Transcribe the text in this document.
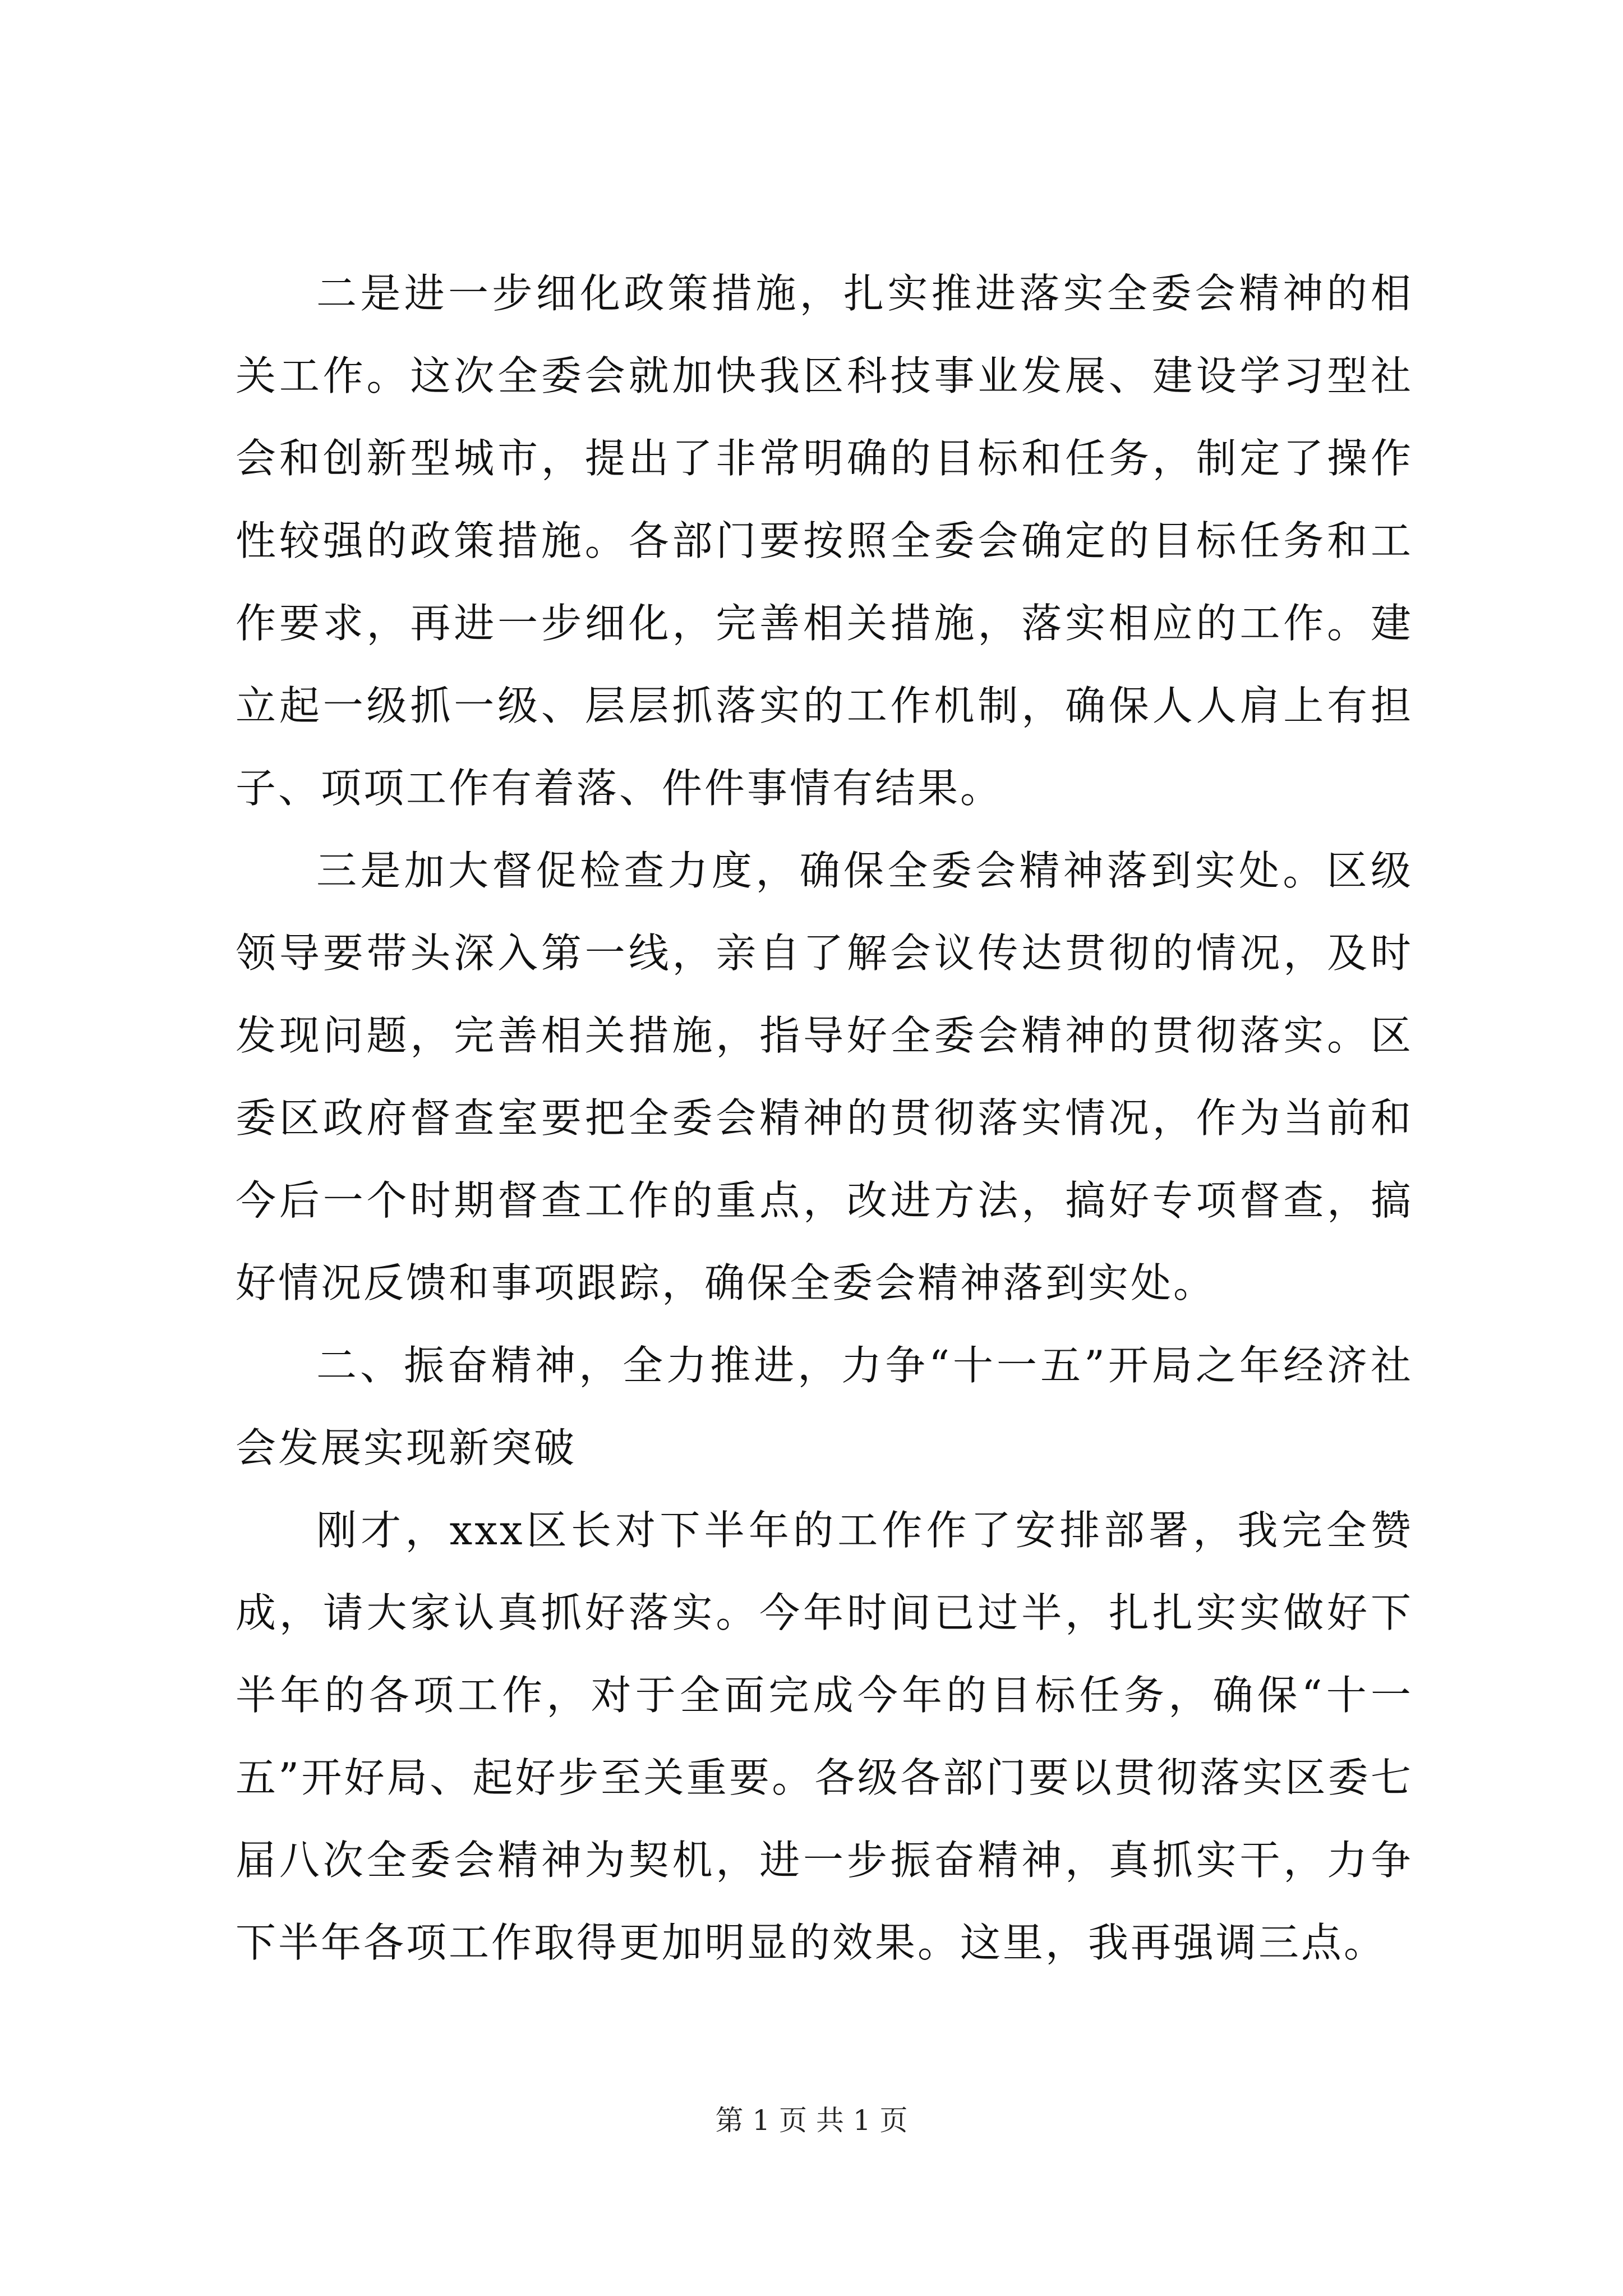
二是进一步细化政策措施，扎实推进落实全委会精神的相关工作。这次全委会就加快我区科技事业发展、建设学习型社会和创新型城市，提出了非常明确的目标和任务，制定了操作性较强的政策措施。各部门要按照全委会确定的目标任务和工作要求，再进一步细化，完善相关措施，落实相应的工作。建立起一级抓一级、层层抓落实的工作机制，确保人人肩上有担子、项项工作有着落、件件事情有结果。

三是加大督促检查力度，确保全委会精神落到实处。区级领导要带头深入第一线，亲自了解会议传达贯彻的情况，及时发现问题，完善相关措施，指导好全委会精神的贯彻落实。区委区政府督查室要把全委会精神的贯彻落实情况，作为当前和今后一个时期督查工作的重点，改进方法，搞好专项督查，搞好情况反馈和事项跟踪，确保全委会精神落到实处。

二、振奋精神，全力推进，力争“十一五”开局之年经济社会发展实现新突破

刚才，xxx区长对下半年的工作作了安排部署，我完全赞成，请大家认真抓好落实。今年时间已过半，扎扎实实做好下半年的各项工作，对于全面完成今年的目标任务，确保“十一五”开好局、起好步至关重要。各级各部门要以贯彻落实区委七届八次全委会精神为契机，进一步振奋精神，真抓实干，力争下半年各项工作取得更加明显的效果。这里，我再强调三点。

第 1 页 共 1 页
